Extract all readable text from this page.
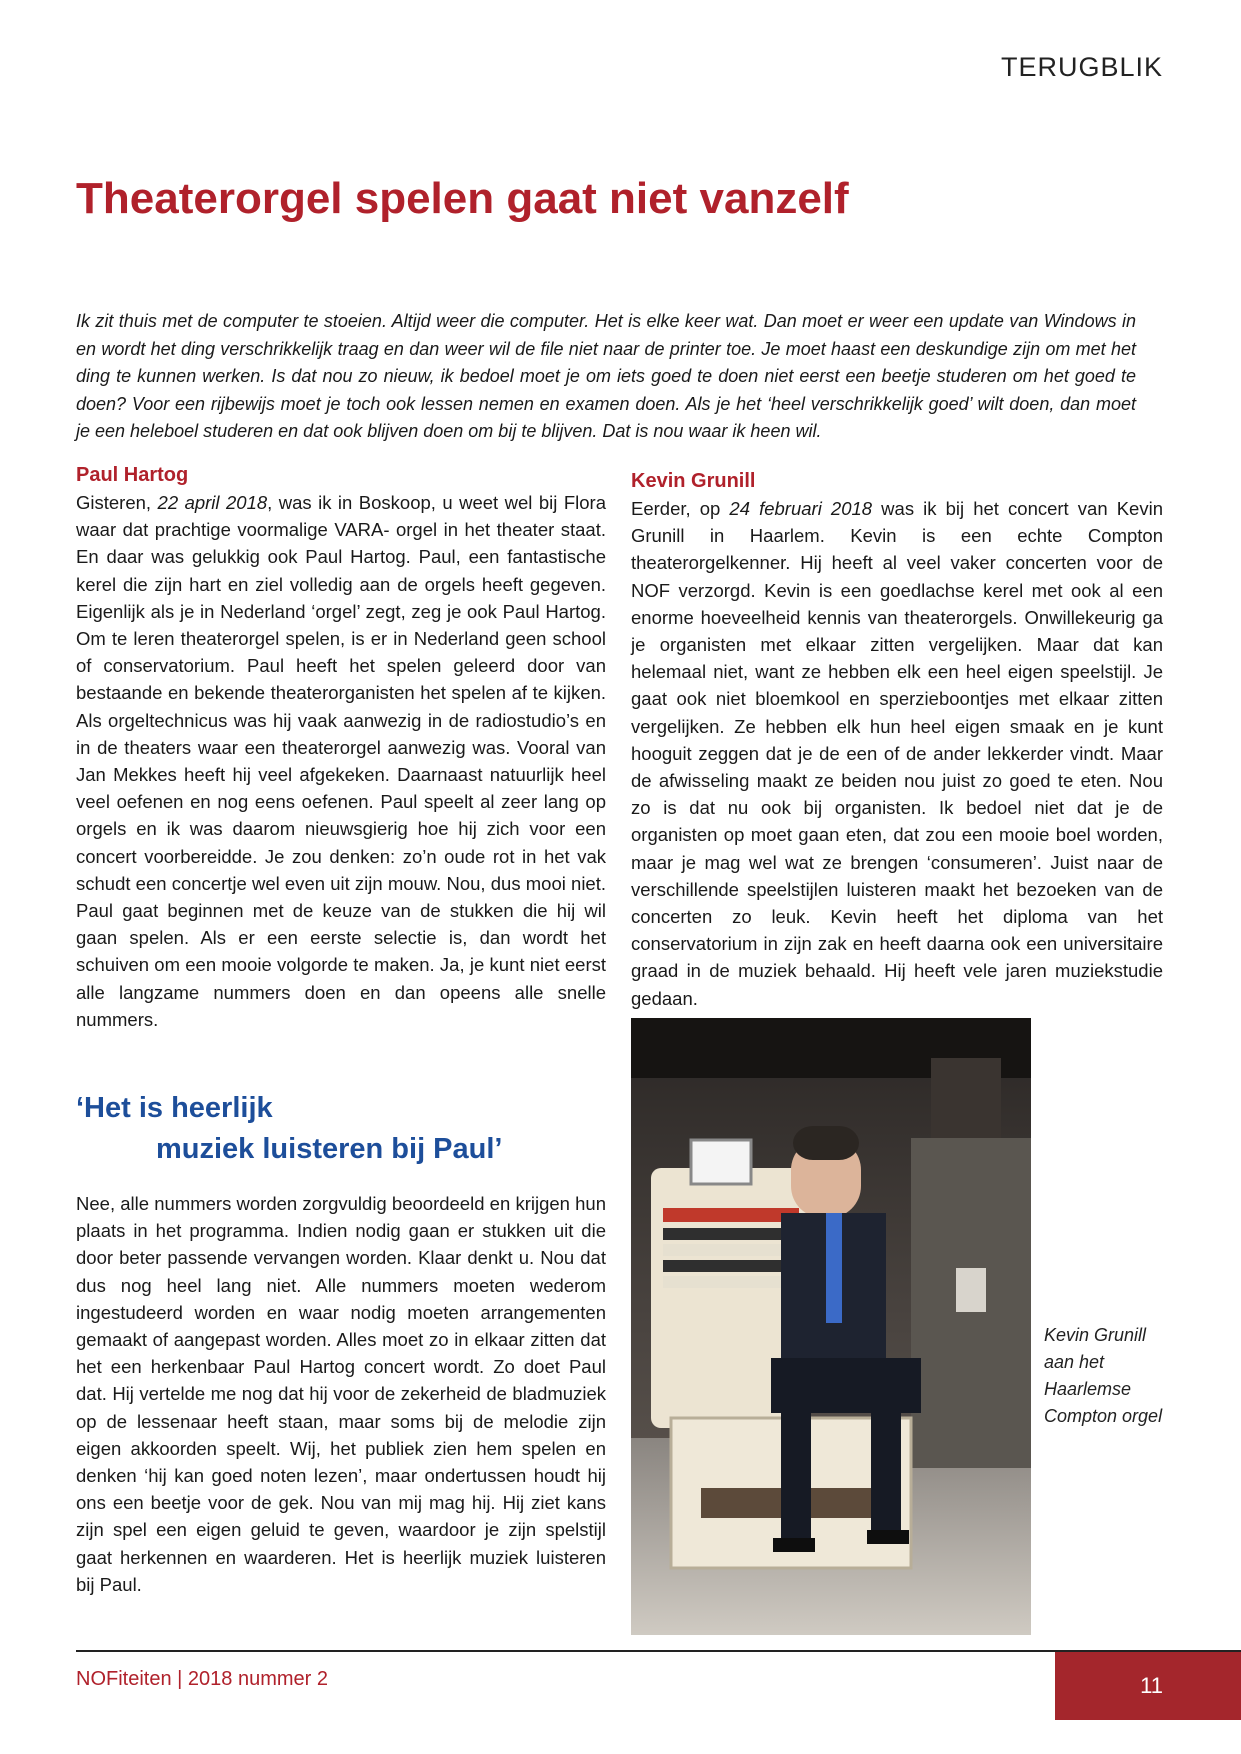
TERUGBLIK
Theaterorgel spelen gaat niet vanzelf

Ik zit thuis met de computer te stoeien. Altijd weer die computer. Het is elke keer wat. Dan moet er weer een update van Windows in en wordt het ding verschrikkelijk traag en dan weer wil de file niet naar de printer toe. Je moet haast een deskundige zijn om met het ding te kunnen werken. Is dat nou zo nieuw, ik bedoel moet je om iets goed te doen niet eerst een beetje studeren om het goed te doen? Voor een rijbewijs moet je toch ook lessen nemen en examen doen. Als je het ‘heel verschrikkelijk goed’ wilt doen, dan moet je een heleboel studeren en dat ook blijven doen om bij te blijven. Dat is nou waar ik heen wil.

Paul Hartog

Gisteren, 22 april 2018, was ik in Boskoop, u weet wel bij Flora waar dat prachtige voormalige VARA- orgel in het theater staat. En daar was gelukkig ook Paul Hartog. Paul, een fantastische kerel die zijn hart en ziel volledig aan de orgels heeft gegeven. Eigenlijk als je in Nederland ‘orgel’ zegt, zeg je ook Paul Hartog. Om te leren theaterorgel spelen, is er in Nederland geen school of conservatorium. Paul heeft het spelen geleerd door van bestaande en bekende theaterorganisten het spelen af te kijken. Als orgeltechnicus was hij vaak aanwezig in de radiostudio’s en in de theaters waar een theaterorgel aanwezig was. Vooral van Jan Mekkes heeft hij veel afgekeken. Daarnaast natuurlijk heel veel oefenen en nog eens oefenen. Paul speelt al zeer lang op orgels en ik was daarom nieuwsgierig hoe hij zich voor een concert voorbereidde. Je zou denken: zo’n oude rot in het vak schudt een concertje wel even uit zijn mouw. Nou, dus mooi niet. Paul gaat beginnen met de keuze van de stukken die hij wil gaan spelen. Als er een eerste selectie is, dan wordt het schuiven om een mooie volgorde te maken. Ja, je kunt niet eerst alle langzame nummers doen en dan opeens alle snelle nummers.

‘Het is heerlijk
muziek luisteren bij Paul’

Nee, alle nummers worden zorgvuldig beoordeeld en krijgen hun plaats in het programma. Indien nodig gaan er stukken uit die door beter passende vervangen worden. Klaar denkt u. Nou dat dus nog heel lang niet. Alle nummers moeten wederom ingestudeerd worden en waar nodig moeten arrangementen gemaakt of aangepast worden. Alles moet zo in elkaar zitten dat het een herkenbaar Paul Hartog concert wordt. Zo doet Paul dat. Hij vertelde me nog dat hij voor de zekerheid de bladmuziek op de lessenaar heeft staan, maar soms bij de melodie zijn eigen akkoorden speelt. Wij, het publiek zien hem spelen en denken ‘hij kan goed noten lezen’, maar ondertussen houdt hij ons een beetje voor de gek. Nou van mij mag hij. Hij ziet kans zijn spel een eigen geluid te geven, waardoor je zijn spelstijl gaat herkennen en waarderen. Het is heerlijk muziek luisteren bij Paul.

Kevin Grunill

Eerder, op 24 februari 2018 was ik bij het concert van Kevin Grunill in Haarlem. Kevin is een echte Compton theaterorgelkenner. Hij heeft al veel vaker concerten voor de NOF verzorgd. Kevin is een goedlachse kerel met ook al een enorme hoeveelheid kennis van theaterorgels. Onwillekeurig ga je organisten met elkaar zitten vergelijken. Maar dat kan helemaal niet, want ze hebben elk een heel eigen speelstijl. Je gaat ook niet bloemkool en sperzieboontjes met elkaar zitten vergelijken. Ze hebben elk hun heel eigen smaak en je kunt hooguit zeggen dat je de een of de ander lekkerder vindt. Maar de afwisseling maakt ze beiden nou juist zo goed te eten. Nou zo is dat nu ook bij organisten. Ik bedoel niet dat je de organisten op moet gaan eten, dat zou een mooie boel worden, maar je mag wel wat ze brengen ‘consumeren’. Juist naar de verschillende speelstijlen luisteren maakt het bezoeken van de concerten zo leuk. Kevin heeft het diploma van het conservatorium in zijn zak en heeft daarna ook een universitaire graad in de muziek behaald. Hij heeft vele jaren muziekstudie gedaan.

Kevin Grunill aan het Haarlemse Compton orgel

NOFiteiten | 2018 nummer 2	11
